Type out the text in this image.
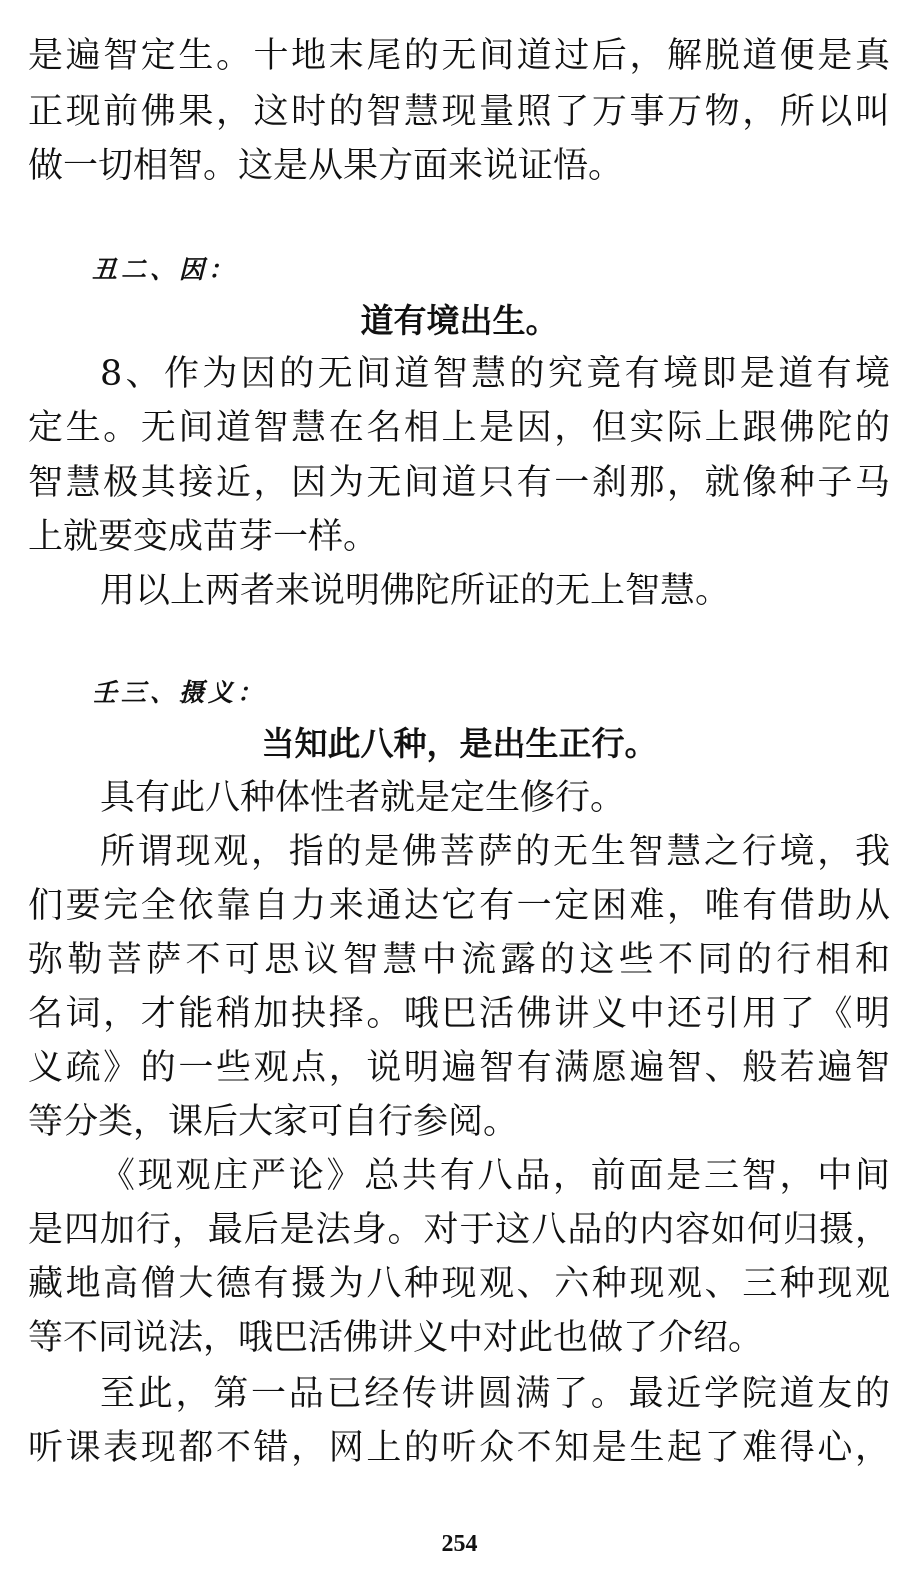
是遍智定生。十地末尾的无间道过后，解脱道便是真
正现前佛果，这时的智慧现量照了万事万物，所以叫
做一切相智。这是从果方面来说证悟。
丑二、因：
道有境出生。
8、作为因的无间道智慧的究竟有境即是道有境
定生。无间道智慧在名相上是因，但实际上跟佛陀的
智慧极其接近，因为无间道只有一刹那，就像种子马
上就要变成苗芽一样。
用以上两者来说明佛陀所证的无上智慧。
壬三、摄义：
当知此八种，是出生正行。
具有此八种体性者就是定生修行。
所谓现观，指的是佛菩萨的无生智慧之行境，我
们要完全依靠自力来通达它有一定困难，唯有借助从
弥勒菩萨不可思议智慧中流露的这些不同的行相和
名词，才能稍加抉择。哦巴活佛讲义中还引用了《明
义疏》的一些观点，说明遍智有满愿遍智、般若遍智
等分类，课后大家可自行参阅。
《现观庄严论》总共有八品，前面是三智，中间
是四加行，最后是法身。对于这八品的内容如何归摄，
藏地高僧大德有摄为八种现观、六种现观、三种现观
等不同说法，哦巴活佛讲义中对此也做了介绍。
至此，第一品已经传讲圆满了。最近学院道友的
听课表现都不错，网上的听众不知是生起了难得心，
254
